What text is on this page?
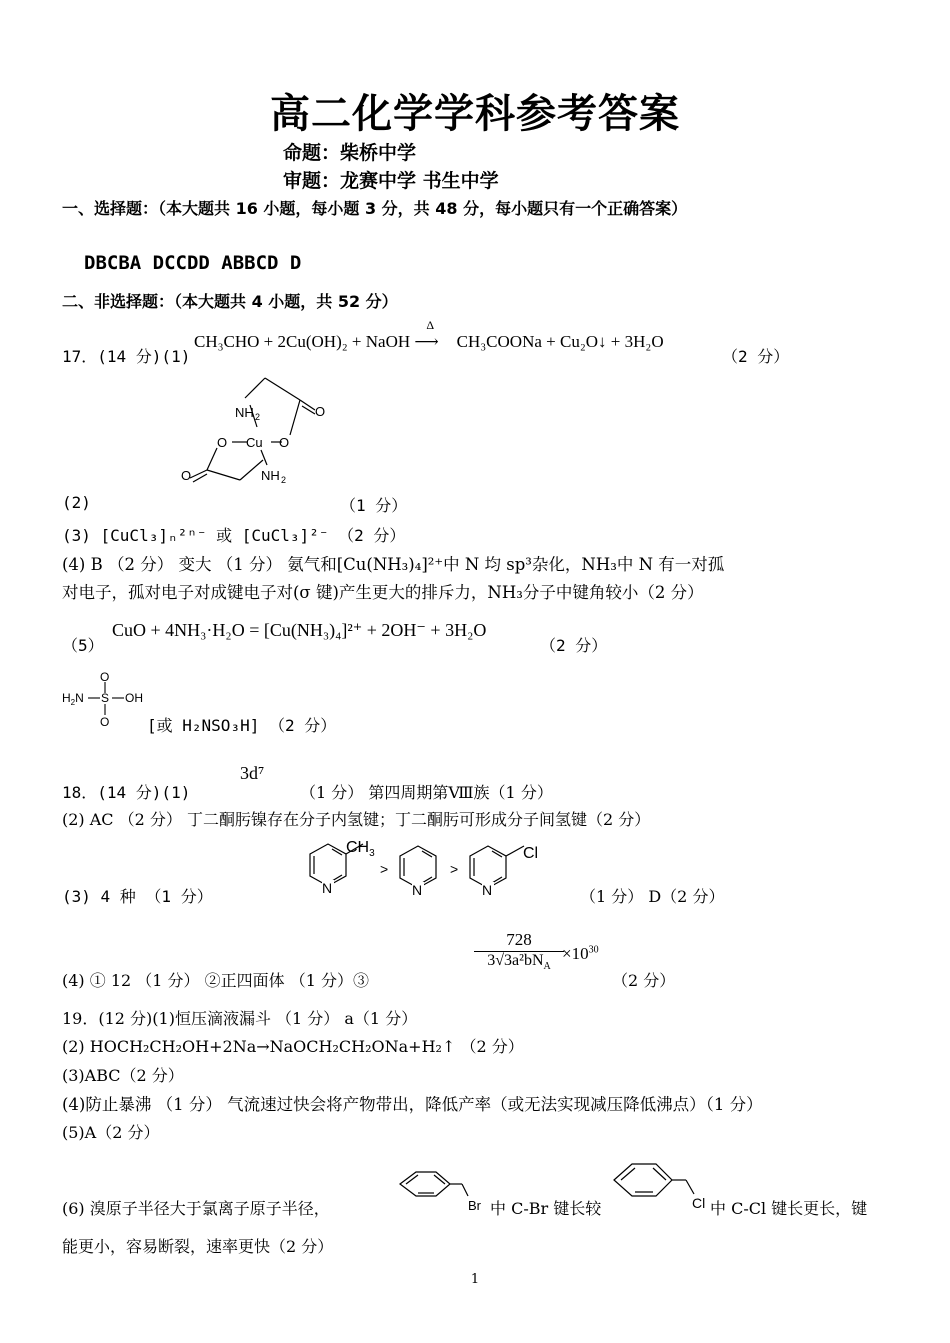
高二化学学科参考答案
命题：柴桥中学
审题：龙赛中学 书生中学
一、选择题：（本大题共 16 小题，每小题 3 分，共 48 分，每小题只有一个正确答案）
DBCBA DCCDD ABBCD D
二、非选择题：（本大题共 4 小题，共 52 分）
17．(14 分)(1)
CH₃CHO + 2Cu(OH)₂ + NaOH
Δ
⟶ CH₃COONa + Cu₂O↓ + 3H₂O
（2 分）
NH 2	O
O Cu O
O	NH 2
(2)	（1 分）
(3) [CuCl₃]ₙ²ⁿ⁻ 或 [CuCl₃]²⁻ （2 分）
(4) B （2 分） 变大 （1 分） 氨气和[Cu(NH₃)₄]²⁺中 N 均 sp³杂化，NH₃中 N 有一对孤
对电子，孤对电子对成键电子对(σ 键)产生更大的排斥力，NH₃分子中键角较小（2 分）
（5）
CuO + 4NH₃·H₂O = [Cu(NH₃)₄]²⁺ + 2OH⁻ + 3H₂O
（2 分）
O
$H_2N$ S OH
O [或 H₂NSO₃H] （2 分）
18．(14 分)(1)
3d⁷
（1 分） 第四周期第Ⅷ族（1 分）
(2) AC （2 分） 丁二酮肟镍存在分子内氢键；丁二酮肟可形成分子间氢键（2 分）
(3) 4 种 （1 分）
$CH_3$
>	>
Cl
N	N	N	（1 分） D（2 分）
(4) ① 12 （1 分） ②正四面体 （1 分）③
728
$3√3a^2bN_A$
$\times 10^{30}$
（2 分）
19．(12 分)(1)恒压滴液漏斗 （1 分） a（1 分）
(2) HOCH₂CH₂OH+2Na→NaOCH₂CH₂ONa+H₂↑ （2 分）
(3)ABC（2 分）
(4)防止暴沸 （1 分） 气流速过快会将产物带出，降低产率（或无法实现减压降低沸点）（1 分）
(5)A（2 分）
(6) 溴原子半径大于氯离子原子半径，	Br 中 C-Br 键长较	Cl 中 C-Cl 键长更长，键
能更小，容易断裂，速率更快（2 分）
1
